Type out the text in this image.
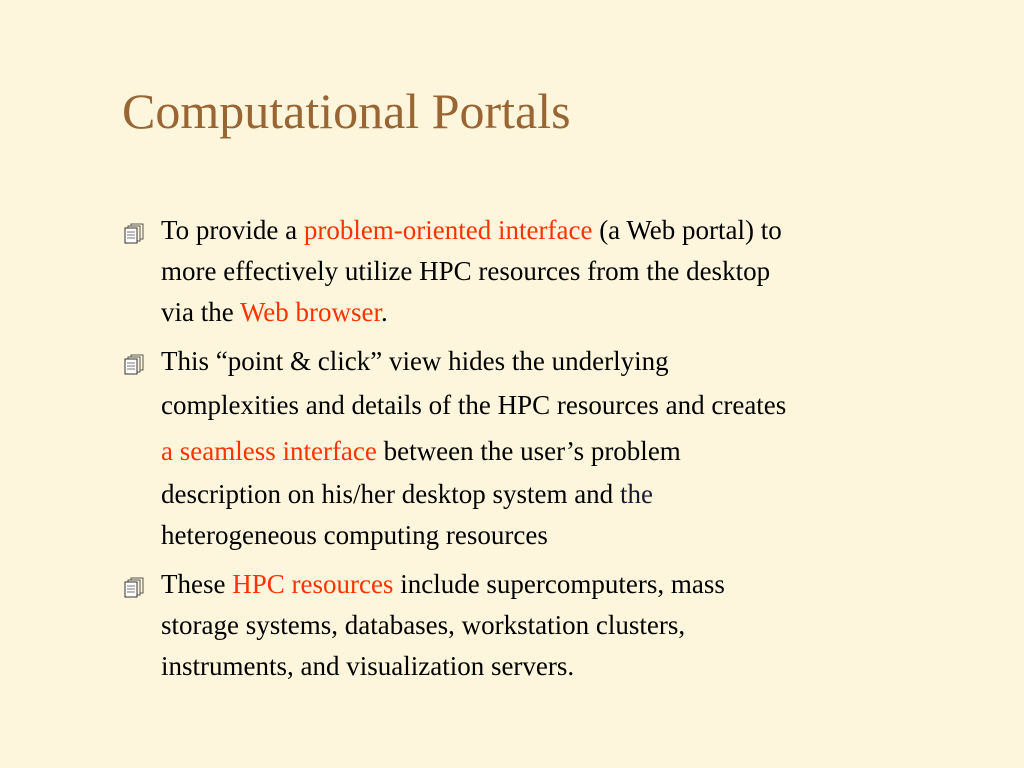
Computational Portals
To provide a problem-oriented interface (a Web portal) to
more effectively utilize HPC resources from the desktop
via the Web browser.
This “point & click” view hides the underlying
complexities and details of the HPC resources and creates
a seamless interface between the user’s problem
description on his/her desktop system and the
heterogeneous computing resources
These HPC resources include supercomputers, mass
storage systems, databases, workstation clusters,
instruments, and visualization servers.
